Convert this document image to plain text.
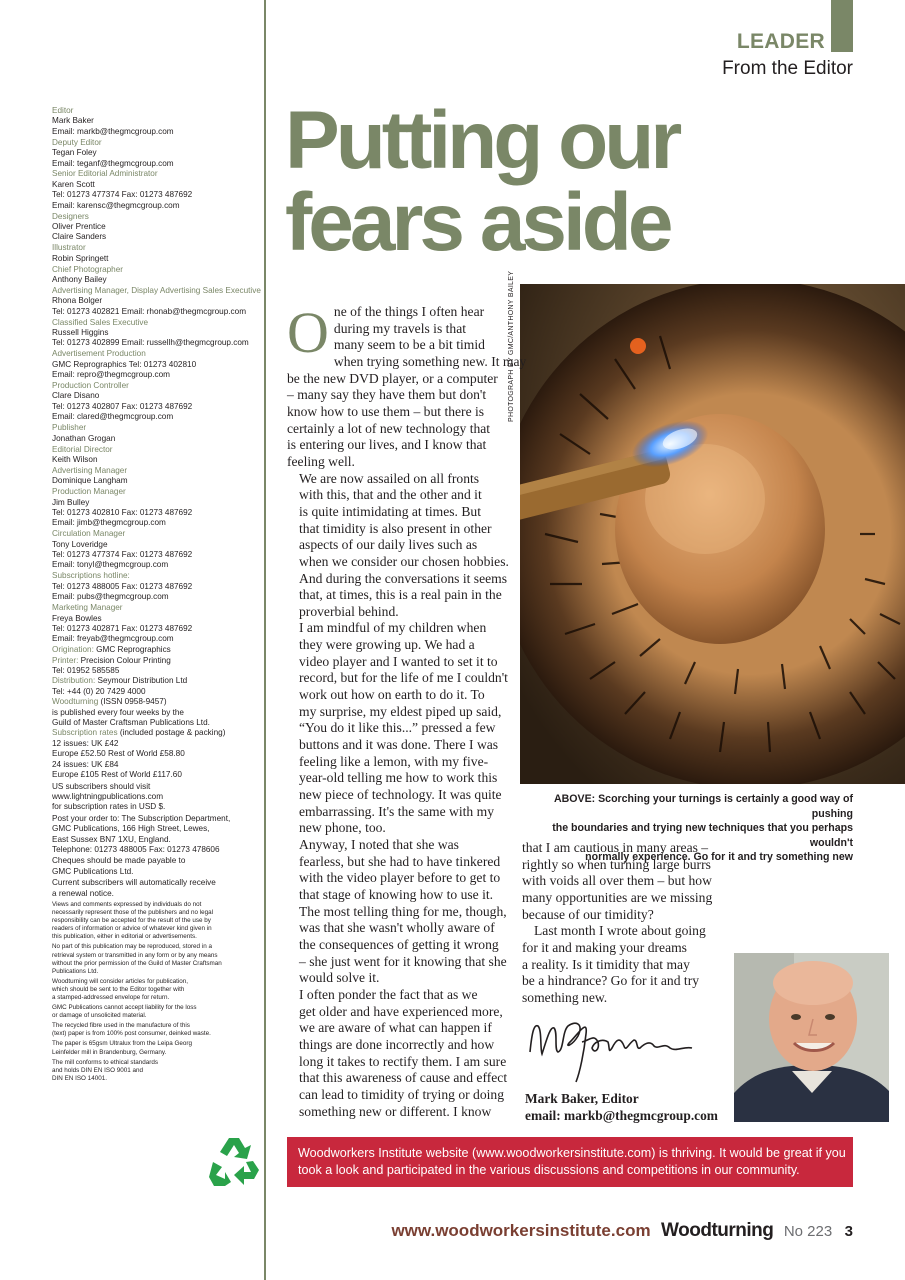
Editor
Mark Baker
Email: markb@thegmcgroup.com
Deputy Editor
Tegan Foley
Email: teganf@thegmcgroup.com
Senior Editorial Administrator
Karen Scott
Tel: 01273 477374 Fax: 01273 487692
Email: karensc@thegmcgroup.com
Designers
Oliver Prentice
Claire Sanders
Illustrator
Robin Springett
Chief Photographer
Anthony Bailey
Advertising Manager, Display Advertising Sales Executive
Rhona Bolger
Tel: 01273 402821 Email: rhonab@thegmcgroup.com
Classified Sales Executive
Russell Higgins
Tel: 01273 402899 Email: russellh@thegmcgroup.com
Advertisement Production
GMC Reprographics Tel: 01273 402810
Email: repro@thegmcgroup.com
Production Controller
Clare Disano
Tel: 01273 402807 Fax: 01273 487692
Email: clared@thegmcgroup.com
Publisher
Jonathan Grogan
Editorial Director
Keith Wilson
Advertising Manager
Dominique Langham
Production Manager
Jim Bulley
Tel: 01273 402810 Fax: 01273 487692
Email: jimb@thegmcgroup.com
Circulation Manager
Tony Loveridge
Tel: 01273 477374 Fax: 01273 487692
Email: tonyl@thegmcgroup.com
Subscriptions hotline:
Tel: 01273 488005 Fax: 01273 487692
Email: pubs@thegmcgroup.com
Marketing Manager
Freya Bowles
Tel: 01273 402871 Fax: 01273 487692
Email: freyab@thegmcgroup.com
Origination: GMC Reprographics
Printer: Precision Colour Printing
Tel: 01952 585585
Distribution: Seymour Distribution Ltd
Tel: +44 (0) 20 7429 4000
Woodturning (ISSN 0958-9457)
is published every four weeks by the
Guild of Master Craftsman Publications Ltd.
Subscription rates (included postage & packing)
12 issues: UK £42
Europe £52.50 Rest of World £58.80
24 issues: UK £84
Europe £105 Rest of World £117.60
US subscribers should visit
www.lightningpublications.com
for subscription rates in USD $.
Post your order to: The Subscription Department,
GMC Publications, 166 High Street, Lewes,
East Sussex BN7 1XU, England.
Telephone: 01273 488005 Fax: 01273 478606
Cheques should be made payable to
GMC Publications Ltd.
Current subscribers will automatically receive
a renewal notice.

Views and comments expressed by individuals do not
necessarily represent those of the publishers and no legal
responsibility can be accepted for the result of the use by
readers of information or advice of whatever kind given in
this publication, either in editorial or advertisements.

No part of this publication may be reproduced, stored in a
retrieval system or transmitted in any form or by any means
without the prior permission of the Guild of Master Craftsman
Publications Ltd.

Woodturning will consider articles for publication,
which should be sent to the Editor together with
a stamped-addressed envelope for return.

GMC Publications cannot accept liability for the loss
or damage of unsolicited material.

The recycled fibre used in the manufacture of this
(text) paper is from 100% post consumer, deinked waste.

The paper is 65gsm Ultralux from the Leipa Georg
Leinfelder mill in Brandenburg, Germany.

The mill conforms to ethical standards
and holds DIN EN ISO 9001 and
DIN EN ISO 14001.

LEADER
From the Editor
Putting our
fears aside
PHOTOGRAPH BY GMC/ANTHONY BAILEY
ABOVE: Scorching your turnings is certainly a good way of pushing
the boundaries and trying new techniques that you perhaps wouldn't
normally experience. Go for it and try something new

O ne of the things I often hear
during my travels is that
many seem to be a bit timid
when trying something new. It may
be the new DVD player, or a computer
– many say they have them but don't
know how to use them – but there is
certainly a lot of new technology that
is entering our lives, and I know that
feeling well.

We are now assailed on all fronts
with this, that and the other and it
is quite intimidating at times. But
that timidity is also present in other
aspects of our daily lives such as
when we consider our chosen hobbies.
And during the conversations it seems
that, at times, this is a real pain in the
proverbial behind.

I am mindful of my children when
they were growing up. We had a
video player and I wanted to set it to
record, but for the life of me I couldn't
work out how on earth to do it. To
my surprise, my eldest piped up said,
“You do it like this...” pressed a few
buttons and it was done. There I was
feeling like a lemon, with my five-
year-old telling me how to work this
new piece of technology. It was quite
embarrassing. It's the same with my
new phone, too.

Anyway, I noted that she was
fearless, but she had to have tinkered
with the video player before to get to
that stage of knowing how to use it.
The most telling thing for me, though,
was that she wasn't wholly aware of
the consequences of getting it wrong
– she just went for it knowing that she
would solve it.

I often ponder the fact that as we
get older and have experienced more,
we are aware of what can happen if
things are done incorrectly and how
long it takes to rectify them. I am sure
that this awareness of cause and effect
can lead to timidity of trying or doing
something new or different. I know

that I am cautious in many areas –
rightly so when turning large burrs
with voids all over them – but how
many opportunities are we missing
because of our timidity?

Last month I wrote about going
for it and making your dreams
a reality. Is it timidity that may
be a hindrance? Go for it and try
something new.

Mark Baker, Editor
email: markb@thegmcgroup.com
Woodworkers Institute website (www.woodworkersinstitute.com) is thriving. It would be great if you
took a look and participated in the various discussions and competitions in our community.
www.woodworkersinstitute.com Woodturning No 223 3
